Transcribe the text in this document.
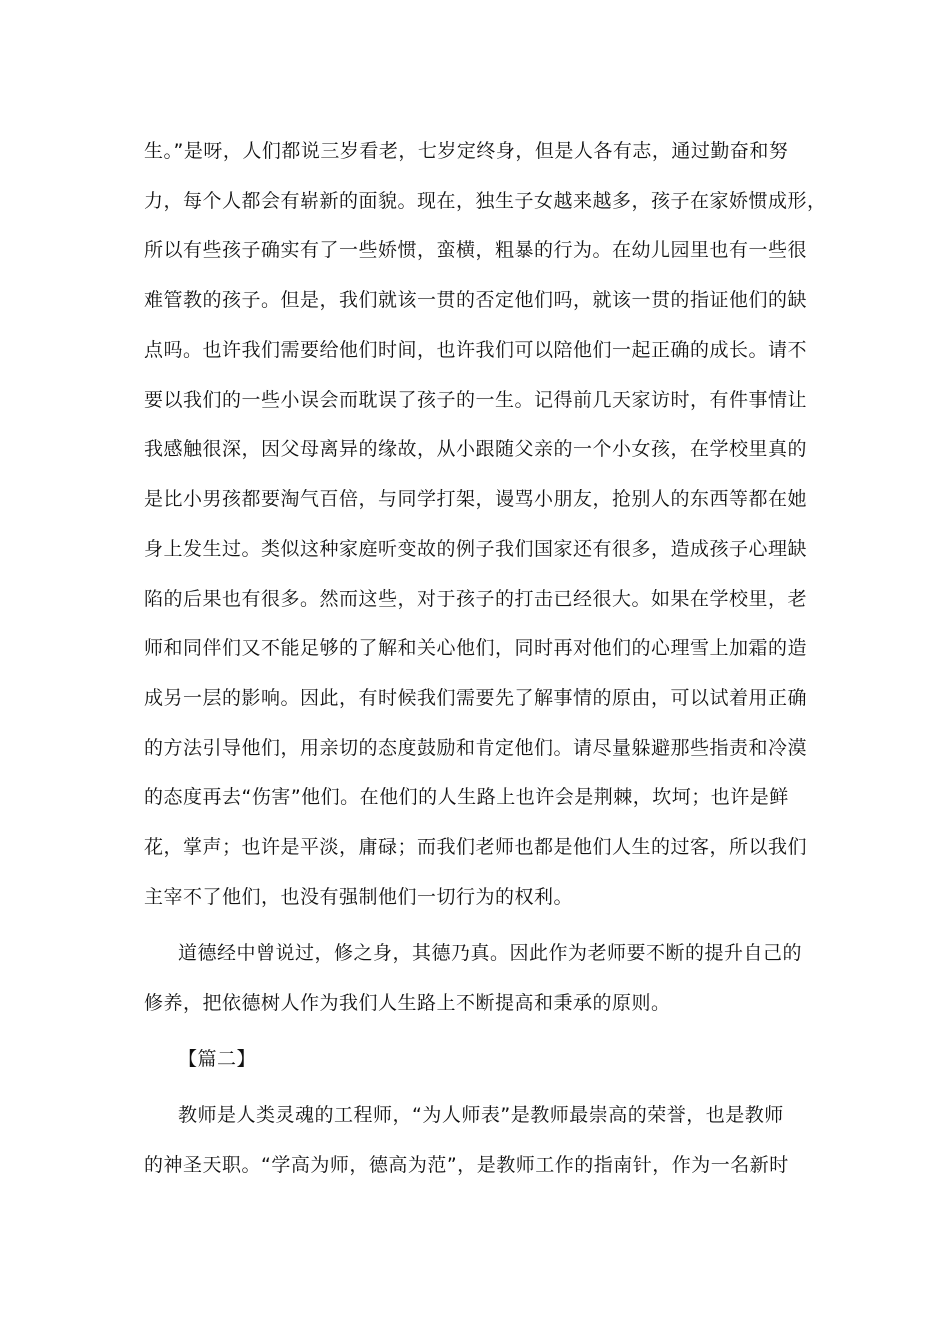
生。”是呀，人们都说三岁看老，七岁定终身，但是人各有志，通过勤奋和努
力，每个人都会有崭新的面貌。现在，独生子女越来越多，孩子在家娇惯成形，
所以有些孩子确实有了一些娇惯，蛮横，粗暴的行为。在幼儿园里也有一些很
难管教的孩子。但是，我们就该一贯的否定他们吗，就该一贯的指证他们的缺
点吗。也许我们需要给他们时间，也许我们可以陪他们一起正确的成长。请不
要以我们的一些小误会而耽误了孩子的一生。记得前几天家访时，有件事情让
我感触很深，因父母离异的缘故，从小跟随父亲的一个小女孩，在学校里真的
是比小男孩都要淘气百倍，与同学打架，谩骂小朋友，抢别人的东西等都在她
身上发生过。类似这种家庭听变故的例子我们国家还有很多，造成孩子心理缺
陷的后果也有很多。然而这些，对于孩子的打击已经很大。如果在学校里，老
师和同伴们又不能足够的了解和关心他们，同时再对他们的心理雪上加霜的造
成另一层的影响。因此，有时候我们需要先了解事情的原由，可以试着用正确
的方法引导他们，用亲切的态度鼓励和肯定他们。请尽量躲避那些指责和冷漠
的态度再去“伤害”他们。在他们的人生路上也许会是荆棘，坎坷；也许是鲜
花，掌声；也许是平淡，庸碌；而我们老师也都是他们人生的过客，所以我们
主宰不了他们，也没有强制他们一切行为的权利。
道德经中曾说过，修之身，其德乃真。因此作为老师要不断的提升自己的
修养，把依德树人作为我们人生路上不断提高和秉承的原则。
【篇二】
教师是人类灵魂的工程师，“为人师表”是教师最崇高的荣誉，也是教师
的神圣天职。“学高为师，德高为范”，是教师工作的指南针，作为一名新时
